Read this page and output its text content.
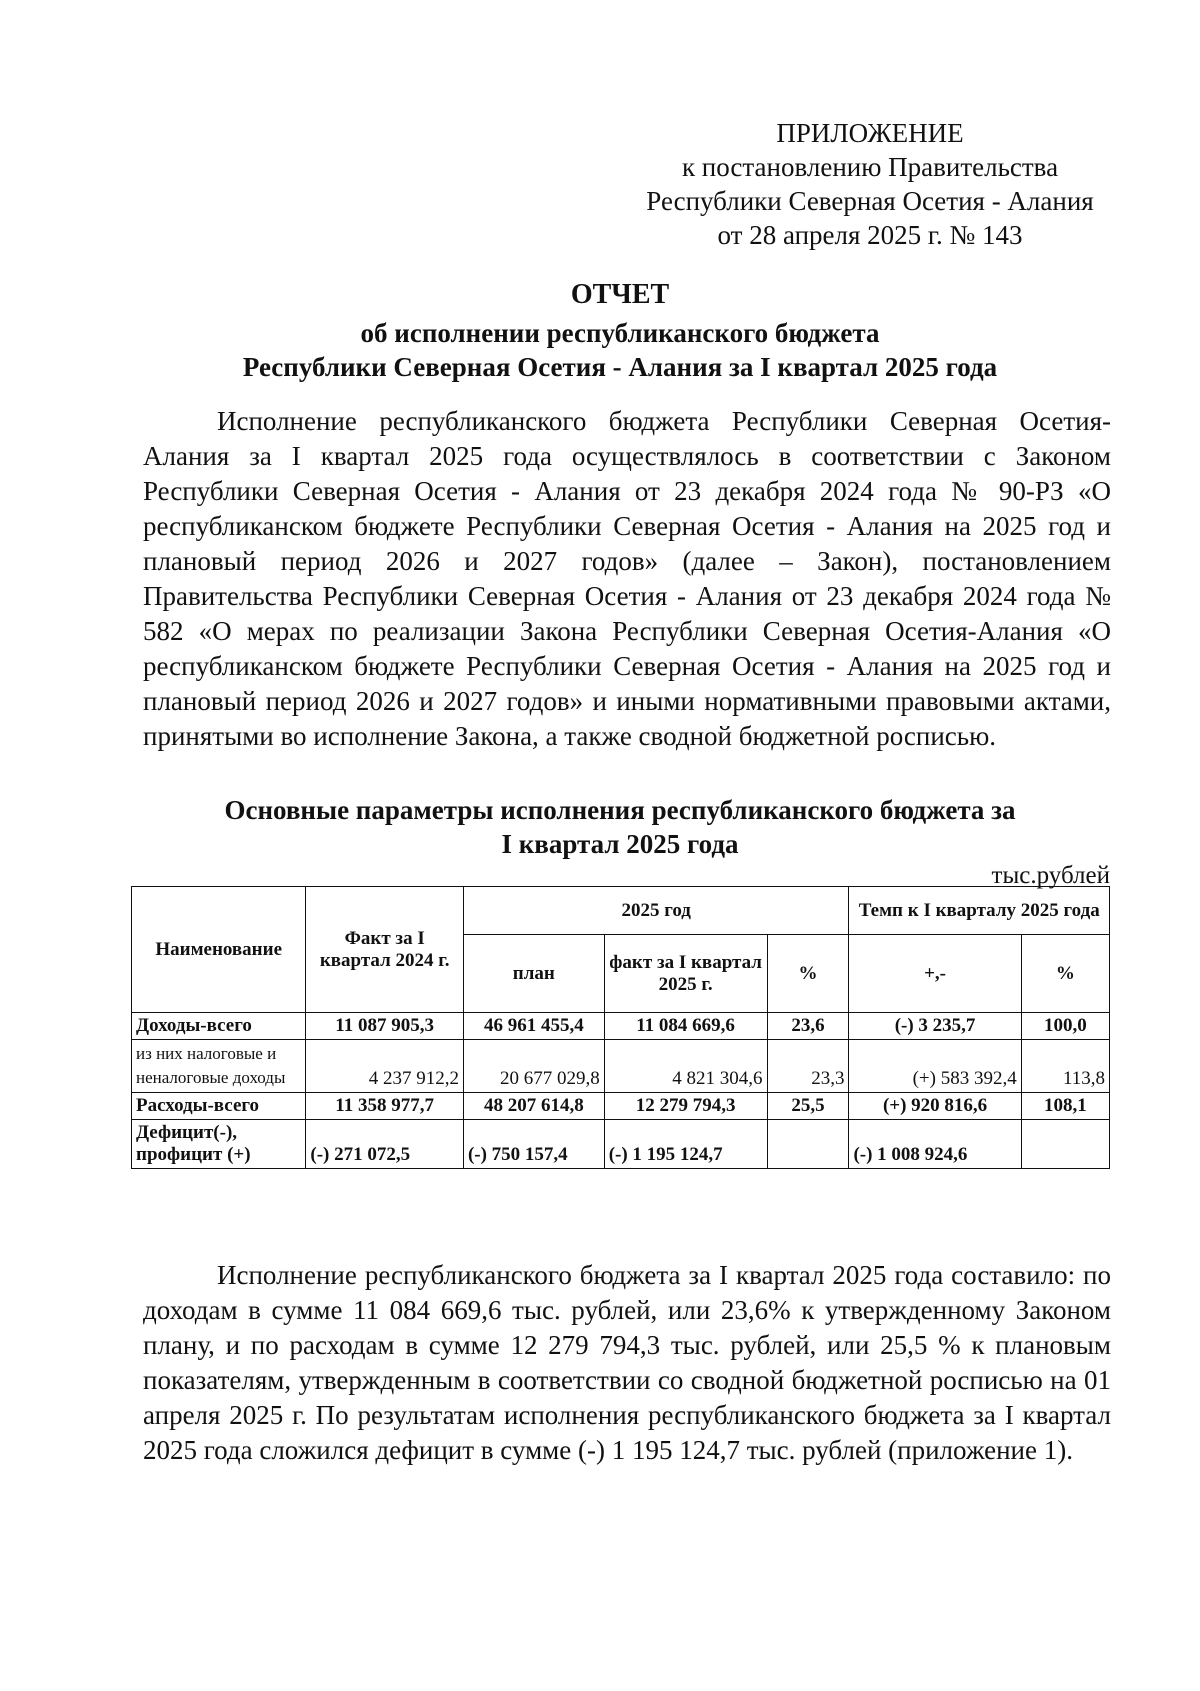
ПРИЛОЖЕНИЕ
к постановлению Правительства
Республики Северная Осетия - Алания
от 28 апреля 2025 г. № 143
ОТЧЕТ
об исполнении республиканского бюджета
Республики Северная Осетия - Алания за I квартал 2025 года
Исполнение республиканского бюджета Республики Северная Осетия-Алания за I квартал 2025 года осуществлялось в соответствии с Законом Республики Северная Осетия - Алания от 23 декабря 2024 года № 90-РЗ «О республиканском бюджете Республики Северная Осетия - Алания на 2025 год и плановый период 2026 и 2027 годов» (далее – Закон), постановлением Правительства Республики Северная Осетия - Алания от 23 декабря 2024 года № 582 «О мерах по реализации Закона Республики Северная Осетия-Алания «О республиканском бюджете Республики Северная Осетия - Алания на 2025 год и плановый период 2026 и 2027 годов» и иными нормативными правовыми актами, принятыми во исполнение Закона, а также сводной бюджетной росписью.
Основные параметры исполнения республиканского бюджета за
I квартал 2025 года
тыс.рублей
Наименование	Факт за I квартал 2024 г.	2025 год			Темп к I кварталу 2025 года	
		план	факт за I квартал 2025 г.	%	+,-	%
Доходы-всего	11 087 905,3	46 961 455,4	11 084 669,6	23,6	(-) 3 235,7	100,0
из них налоговые и неналоговые доходы	4 237 912,2	20 677 029,8	4 821 304,6	23,3	(+) 583 392,4	113,8
Расходы-всего	11 358 977,7	48 207 614,8	12 279 794,3	25,5	(+) 920 816,6	108,1
Дефицит(-), профицит (+)	(-) 271 072,5	(-) 750 157,4	(-) 1 195 124,7		(-) 1 008 924,6	
Исполнение республиканского бюджета за I квартал 2025 года составило: по доходам в сумме 11 084 669,6 тыс. рублей, или 23,6% к утвержденному Законом плану, и по расходам в сумме 12 279 794,3 тыс. рублей, или 25,5 % к плановым показателям, утвержденным в соответствии со сводной бюджетной росписью на 01 апреля 2025 г. По результатам исполнения республиканского бюджета за I квартал 2025 года сложился дефицит в сумме (-) 1 195 124,7 тыс. рублей (приложение 1).
